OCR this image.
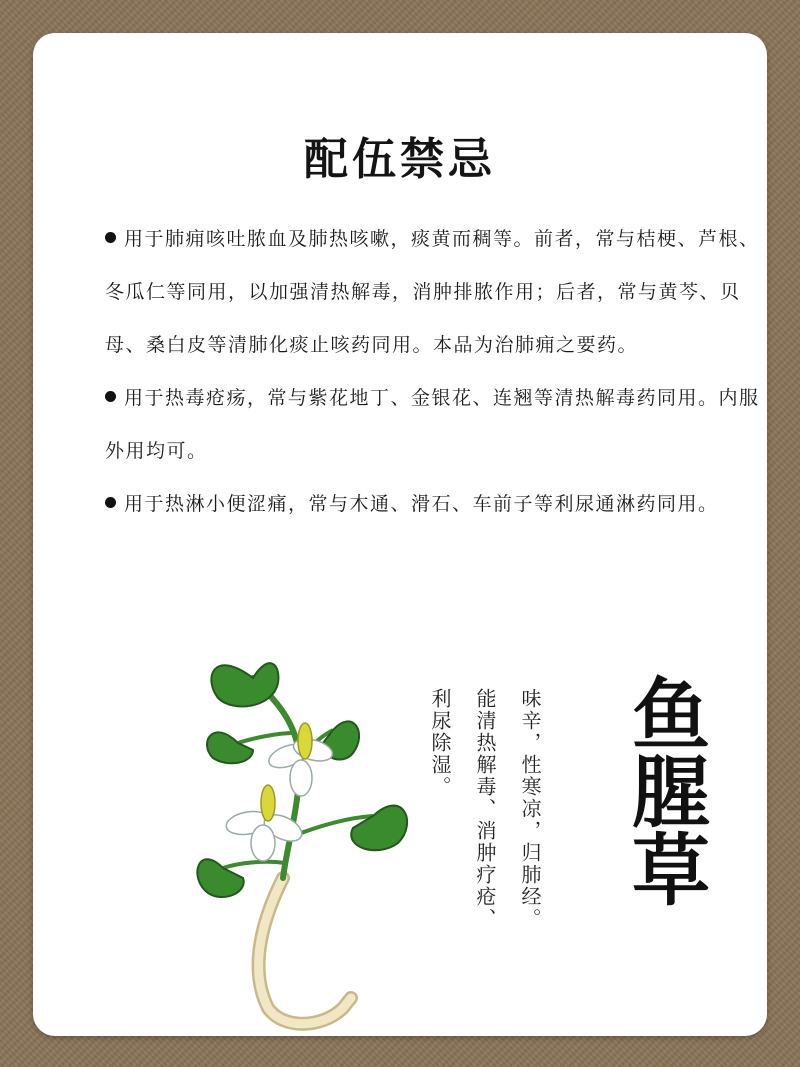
配伍禁忌

用于肺痈咳吐脓血及肺热咳嗽，痰黄而稠等。前者，常与桔梗、芦根、冬瓜仁等同用，以加强清热解毒，消肿排脓作用；后者，常与黄芩、贝母、桑白皮等清肺化痰止咳药同用。本品为治肺痈之要药。

用于热毒疮疡，常与紫花地丁、金银花、连翘等清热解毒药同用。内服外用均可。

用于热淋小便涩痛，常与木通、滑石、车前子等利尿通淋药同用。

鱼腥草
味辛，性寒凉，归肺经。
能清热解毒、消肿疗疮、
利尿除湿。
